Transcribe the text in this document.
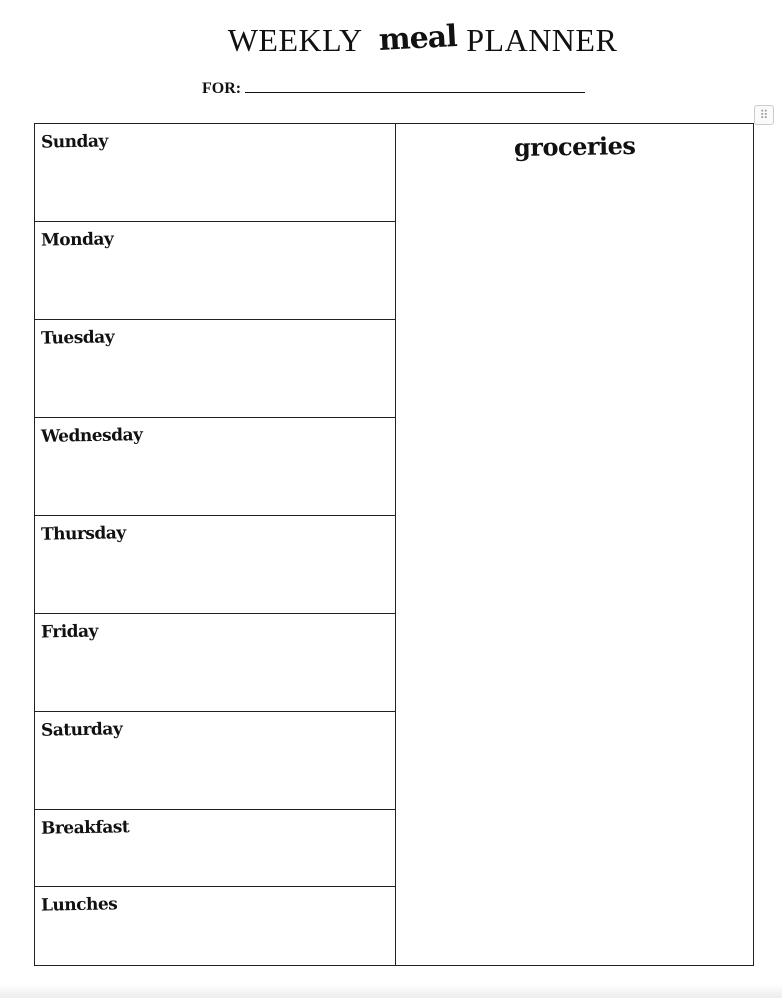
WEEKLY meal PLANNER
FOR:
⠿
Sunday
Monday
Tuesday
Wednesday
Thursday
Friday
Saturday
Breakfast
Lunches
groceries
